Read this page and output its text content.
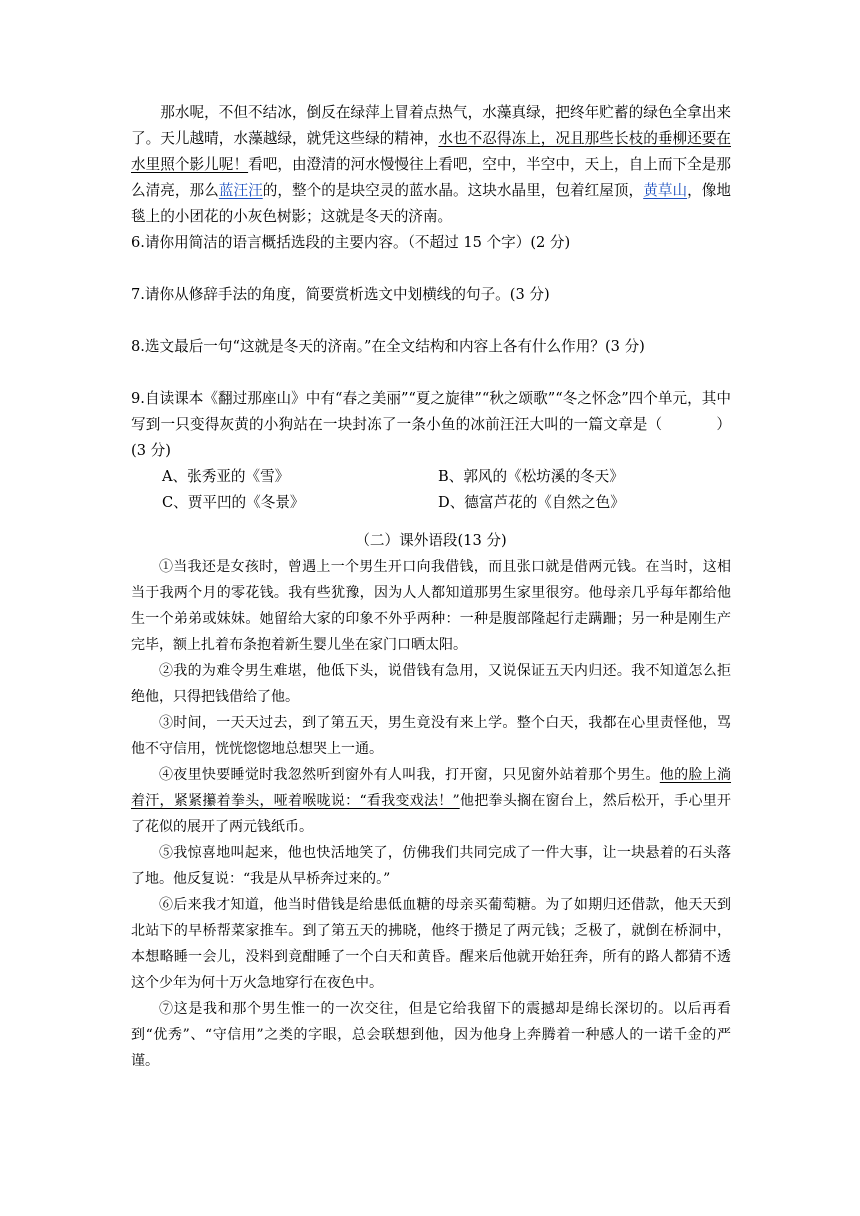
那水呢，不但不结冰，倒反在绿萍上冒着点热气，水藻真绿，把终年贮蓄的绿色全拿出来了。天儿越晴，水藻越绿，就凭这些绿的精神，水也不忍得冻上，况且那些长枝的垂柳还要在水里照个影儿呢！看吧，由澄清的河水慢慢往上看吧，空中，半空中，天上，自上而下全是那么清亮，那么蓝汪汪的，整个的是块空灵的蓝水晶。这块水晶里，包着红屋顶，黄草山，像地毯上的小团花的小灰色树影；这就是冬天的济南。

6.请你用简洁的语言概括选段的主要内容。（不超过 15 个字）(2 分)

7.请你从修辞手法的角度，简要赏析选文中划横线的句子。(3 分)

8.选文最后一句“这就是冬天的济南。”在全文结构和内容上各有什么作用？(3 分)

9.自读课本《翻过那座山》中有“春之美丽”“夏之旋律”“秋之颂歌”“冬之怀念”四个单元，其中写到一只变得灰黄的小狗站在一块封冻了一条小鱼的冰前汪汪大叫的一篇文章是（	）(3 分)

A、张秀亚的《雪》	B、郭风的《松坊溪的冬天》
C、贾平凹的《冬景》	D、德富芦花的《自然之色》
（二）课外语段(13 分)

①当我还是女孩时，曾遇上一个男生开口向我借钱，而且张口就是借两元钱。在当时，这相当于我两个月的零花钱。我有些犹豫，因为人人都知道那男生家里很穷。他母亲几乎每年都给他生一个弟弟或妹妹。她留给大家的印象不外乎两种：一种是腹部隆起行走蹒跚；另一种是刚生产完毕，额上扎着布条抱着新生婴儿坐在家门口晒太阳。

②我的为难令男生难堪，他低下头，说借钱有急用，又说保证五天内归还。我不知道怎么拒绝他，只得把钱借给了他。

③时间，一天天过去，到了第五天，男生竟没有来上学。整个白天，我都在心里责怪他，骂他不守信用，恍恍惚惚地总想哭上一通。

④夜里快要睡觉时我忽然听到窗外有人叫我，打开窗，只见窗外站着那个男生。他的脸上淌着汗，紧紧攥着拳头，哑着喉咙说：“看我变戏法！”他把拳头搁在窗台上，然后松开，手心里开了花似的展开了两元钱纸币。

⑤我惊喜地叫起来，他也快活地笑了，仿佛我们共同完成了一件大事，让一块悬着的石头落了地。他反复说：“我是从早桥奔过来的。”

⑥后来我才知道，他当时借钱是给患低血糖的母亲买葡萄糖。为了如期归还借款，他天天到北站下的早桥帮菜家推车。到了第五天的拂晓，他终于攒足了两元钱；乏极了，就倒在桥洞中，本想略睡一会儿，没料到竟酣睡了一个白天和黄昏。醒来后他就开始狂奔，所有的路人都猜不透这个少年为何十万火急地穿行在夜色中。

⑦这是我和那个男生惟一的一次交往，但是它给我留下的震撼却是绵长深切的。以后再看到“优秀”、“守信用”之类的字眼，总会联想到他，因为他身上奔腾着一种感人的一诺千金的严谨。
